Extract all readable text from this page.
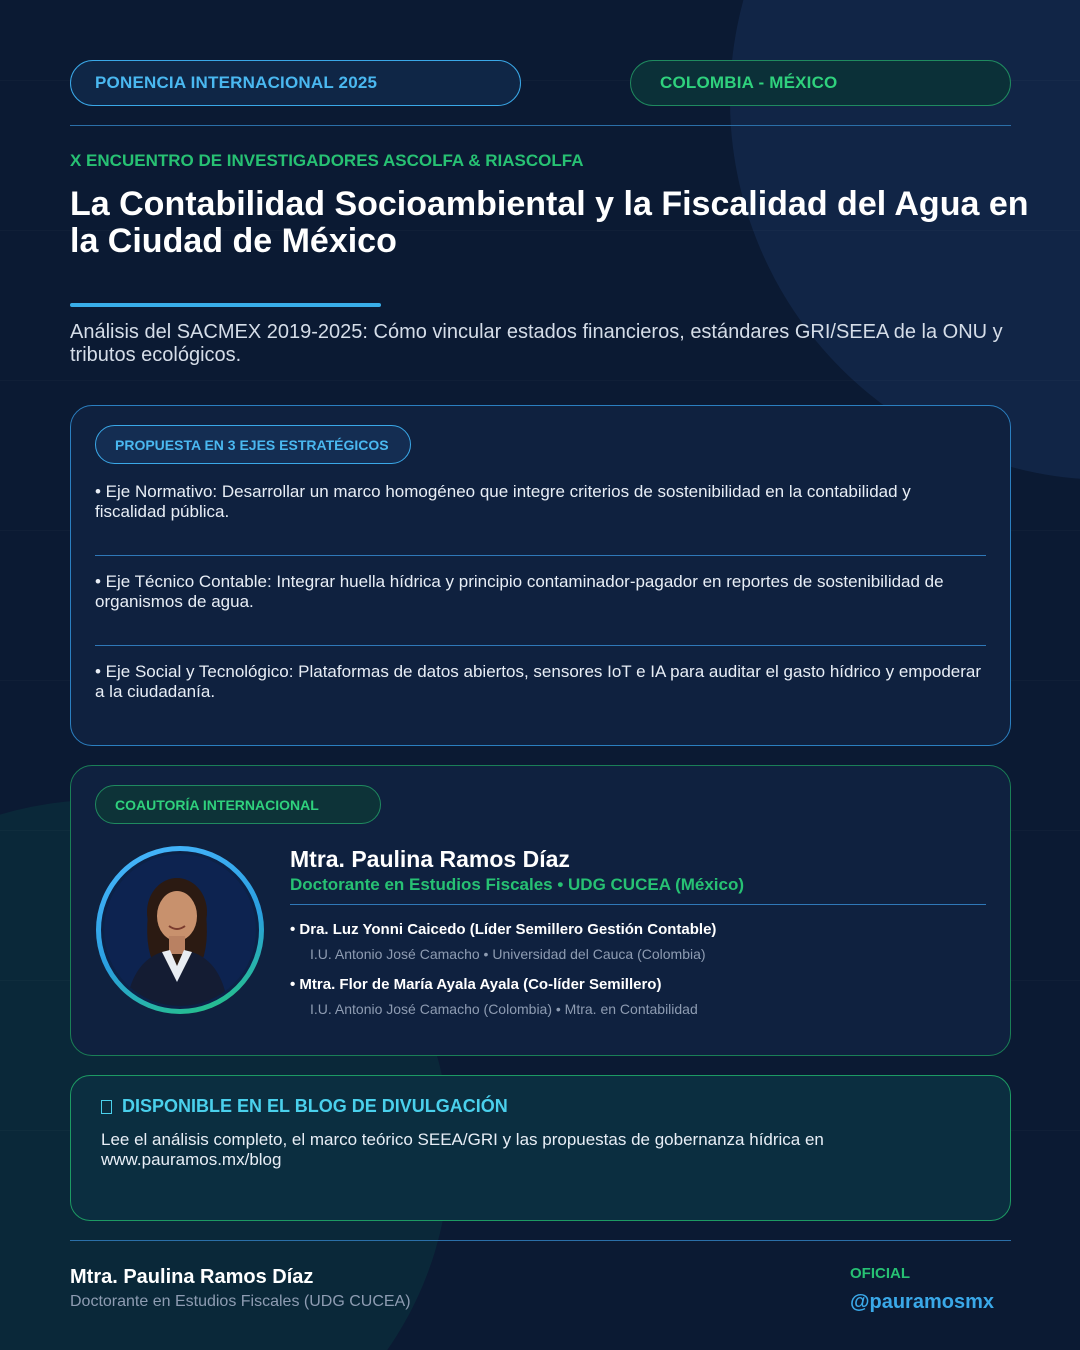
PONENCIA INTERNACIONAL 2025	COLOMBIA - MÉXICO
X ENCUENTRO DE INVESTIGADORES ASCOLFA & RIASCOLFA
La Contabilidad Socioambiental y la Fiscalidad del Agua en la Ciudad de México

Análisis del SACMEX 2019-2025: Cómo vincular estados financieros, estándares GRI/SEEA de la ONU y tributos ecológicos.

PROPUESTA EN 3 EJES ESTRATÉGICOS
• Eje Normativo: Desarrollar un marco homogéneo que integre criterios de sostenibilidad en la contabilidad y fiscalidad pública.
• Eje Técnico Contable: Integrar huella hídrica y principio contaminador-pagador en reportes de sostenibilidad de organismos de agua.
• Eje Social y Tecnológico: Plataformas de datos abiertos, sensores IoT e IA para auditar el gasto hídrico y empoderar a la ciudadanía.
COAUTORÍA INTERNACIONAL
Mtra. Paulina Ramos Díaz
Doctorante en Estudios Fiscales • UDG CUCEA (México)
• Dra. Luz Yonni Caicedo (Líder Semillero Gestión Contable)
I.U. Antonio José Camacho • Universidad del Cauca (Colombia)
• Mtra. Flor de María Ayala Ayala (Co-líder Semillero)
I.U. Antonio José Camacho (Colombia) • Mtra. en Contabilidad
DISPONIBLE EN EL BLOG DE DIVULGACIÓN
Lee el análisis completo, el marco teórico SEEA/GRI y las propuestas de gobernanza hídrica en www.pauramos.mx/blog
Mtra. Paulina Ramos Díaz
Doctorante en Estudios Fiscales (UDG CUCEA)
OFICIAL
@pauramosmx
